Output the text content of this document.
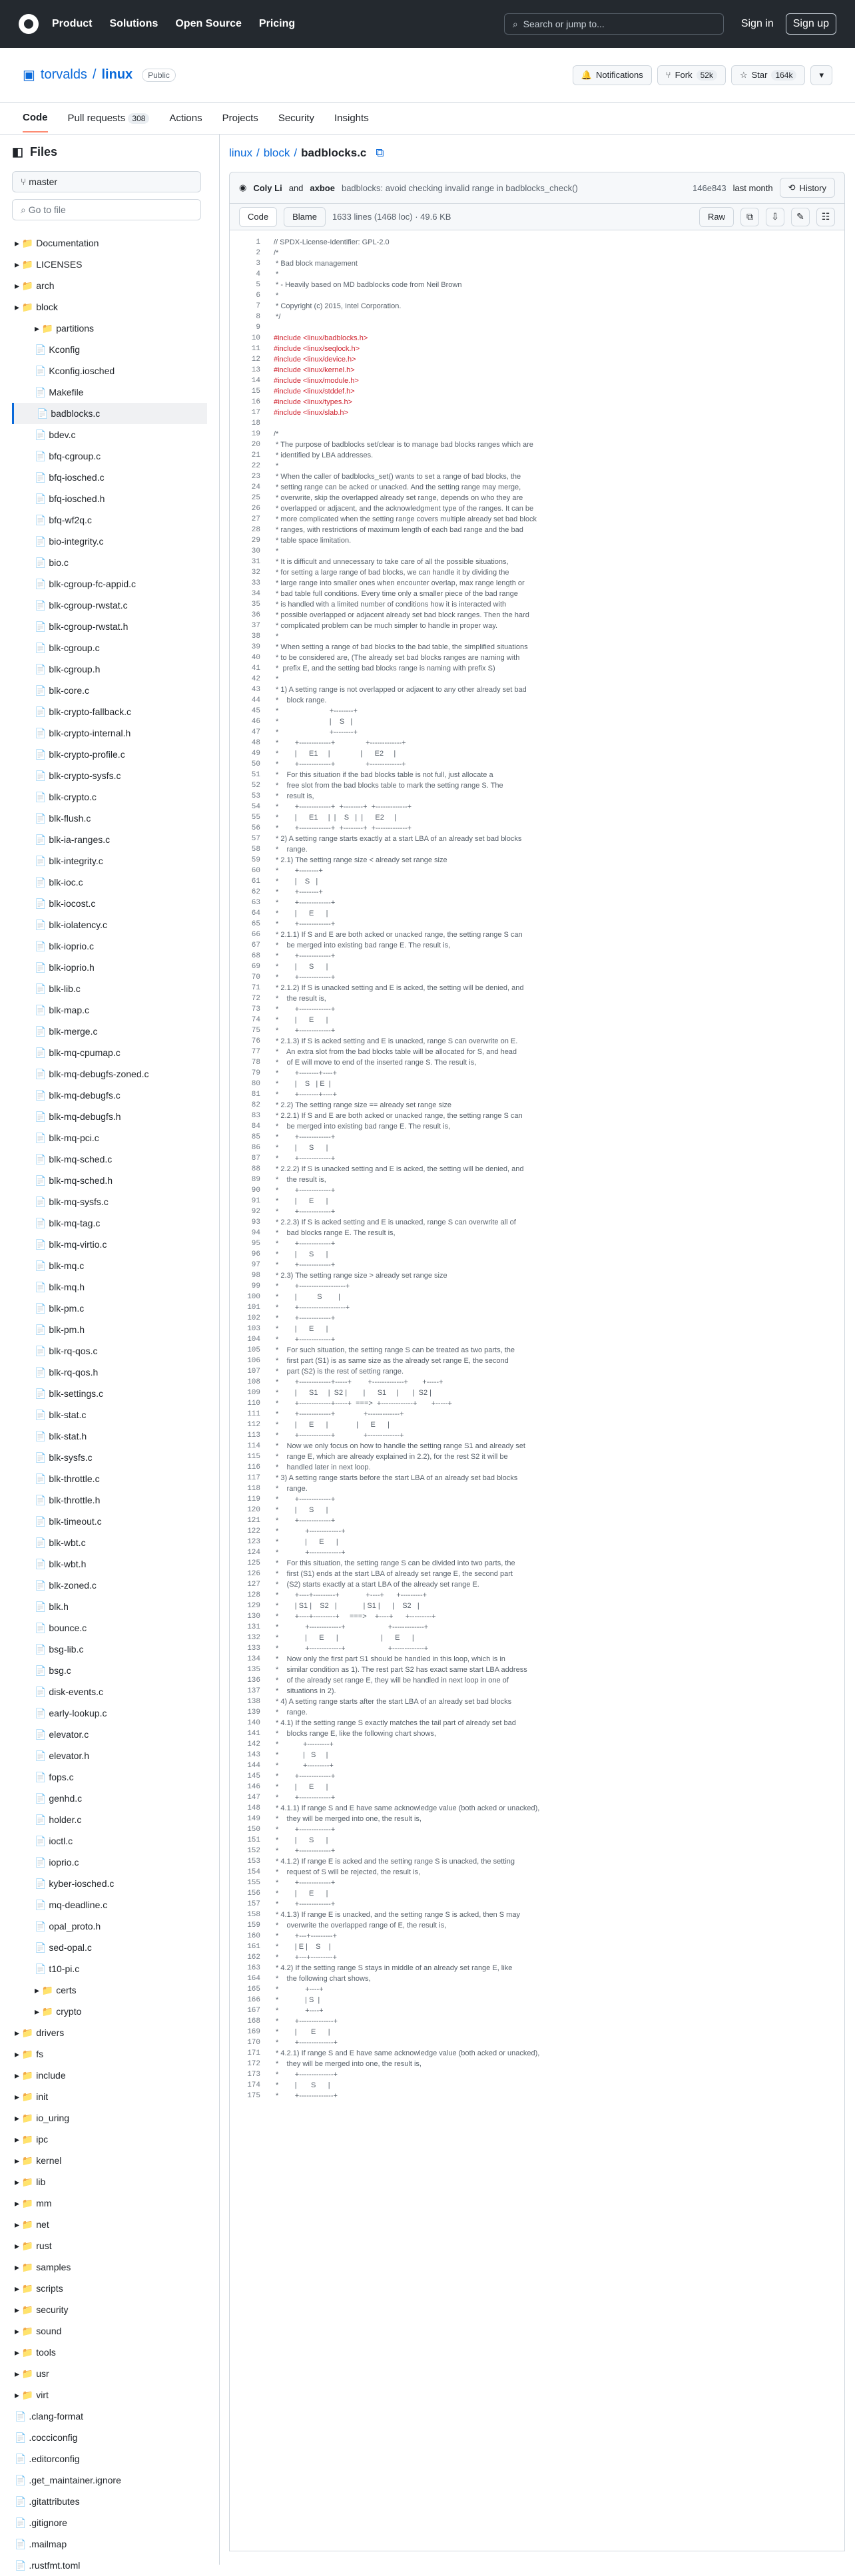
Product Solutions Open Source Pricing	⌕ Search or jump to...	Sign in	Sign up
▣ torvalds / linux	Public	🔔 Notifications	⑂ Fork	52k	☆ Star	164k	▾
Code Pull requests 308	Actions Projects Security Insights
◧
Files
⑂
master
⌕
Go to file
▸ 📁 Documentation
▸ 📁 LICENSES
▸ 📁 arch
▸ 📁 block
▸ 📁 partitions
📄 Kconfig
📄 Kconfig.iosched
📄 Makefile
📄 badblocks.c
📄 bdev.c
📄 bfq-cgroup.c
📄 bfq-iosched.c
📄 bfq-iosched.h
📄 bfq-wf2q.c
📄 bio-integrity.c
📄 bio.c
📄 blk-cgroup-fc-appid.c
📄 blk-cgroup-rwstat.c
📄 blk-cgroup-rwstat.h
📄 blk-cgroup.c
📄 blk-cgroup.h
📄 blk-core.c
📄 blk-crypto-fallback.c
📄 blk-crypto-internal.h
📄 blk-crypto-profile.c
📄 blk-crypto-sysfs.c
📄 blk-crypto.c
📄 blk-flush.c
📄 blk-ia-ranges.c
📄 blk-integrity.c
📄 blk-ioc.c
📄 blk-iocost.c
📄 blk-iolatency.c
📄 blk-ioprio.c
📄 blk-ioprio.h
📄 blk-lib.c
📄 blk-map.c
📄 blk-merge.c
📄 blk-mq-cpumap.c
📄 blk-mq-debugfs-zoned.c
📄 blk-mq-debugfs.c
📄 blk-mq-debugfs.h
📄 blk-mq-pci.c
📄 blk-mq-sched.c
📄 blk-mq-sched.h
📄 blk-mq-sysfs.c
📄 blk-mq-tag.c
📄 blk-mq-virtio.c
📄 blk-mq.c
📄 blk-mq.h
📄 blk-pm.c
📄 blk-pm.h
📄 blk-rq-qos.c
📄 blk-rq-qos.h
📄 blk-settings.c
📄 blk-stat.c
📄 blk-stat.h
📄 blk-sysfs.c
📄 blk-throttle.c
📄 blk-throttle.h
📄 blk-timeout.c
📄 blk-wbt.c
📄 blk-wbt.h
📄 blk-zoned.c
📄 blk.h
📄 bounce.c
📄 bsg-lib.c
📄 bsg.c
📄 disk-events.c
📄 early-lookup.c
📄 elevator.c
📄 elevator.h
📄 fops.c
📄 genhd.c
📄 holder.c
📄 ioctl.c
📄 ioprio.c
📄 kyber-iosched.c
📄 mq-deadline.c
📄 opal_proto.h
📄 sed-opal.c
📄 t10-pi.c
▸ 📁 certs
▸ 📁 crypto
▸ 📁 drivers
▸ 📁 fs
▸ 📁 include
▸ 📁 init
▸ 📁 io_uring
▸ 📁 ipc
▸ 📁 kernel
▸ 📁 lib
▸ 📁 mm
▸ 📁 net
▸ 📁 rust
▸ 📁 samples
▸ 📁 scripts
▸ 📁 security
▸ 📁 sound
▸ 📁 tools
▸ 📁 usr
▸ 📁 virt
📄 .clang-format
📄 .cocciconfig
📄 .editorconfig
📄 .get_maintainer.ignore
📄 .gitattributes
📄 .gitignore
📄 .mailmap
📄 .rustfmt.toml
linux / block / badblocks.c ⧉
◉ Coly Li and axboe badblocks: avoid checking invalid range in badblocks_check()	146e843 last month ⟲ History
Code	Blame	1633 lines (1468 loc) · 49.6 KB	Raw	⧉	⇩	✎	☷
1	// SPDX-License-Identifier: GPL-2.0
2	/*
3	* Bad block management
4	*
5	* - Heavily based on MD badblocks code from Neil Brown
6	*
7	* Copyright (c) 2015, Intel Corporation.
8	*/
9
10	#include <linux/badblocks.h>
11	#include <linux/seqlock.h>
12	#include <linux/device.h>
13	#include <linux/kernel.h>
14	#include <linux/module.h>
15	#include <linux/stddef.h>
16	#include <linux/types.h>
17	#include <linux/slab.h>
18
19	/*
20	* The purpose of badblocks set/clear is to manage bad blocks ranges which are
21	* identified by LBA addresses.
22	*
23	* When the caller of badblocks_set() wants to set a range of bad blocks, the
24	* setting range can be acked or unacked. And the setting range may merge,
25	* overwrite, skip the overlapped already set range, depends on who they are
26	* overlapped or adjacent, and the acknowledgment type of the ranges. It can be
27	* more complicated when the setting range covers multiple already set bad block
28	* ranges, with restrictions of maximum length of each bad range and the bad
29	* table space limitation.
30	*
31	* It is difficult and unnecessary to take care of all the possible situations,
32	* for setting a large range of bad blocks, we can handle it by dividing the
33	* large range into smaller ones when encounter overlap, max range length or
34	* bad table full conditions. Every time only a smaller piece of the bad range
35	* is handled with a limited number of conditions how it is interacted with
36	* possible overlapped or adjacent already set bad block ranges. Then the hard
37	* complicated problem can be much simpler to handle in proper way.
38	*
39	* When setting a range of bad blocks to the bad table, the simplified situations
40	* to be considered are, (The already set bad blocks ranges are naming with
41	*  prefix E, and the setting bad blocks range is naming with prefix S)
42	*
43	* 1) A setting range is not overlapped or adjacent to any other already set bad
44	*    block range.
45	*                         +--------+
46	*                         |    S   |
47	*                         +--------+
48	*        +-------------+               +-------------+
49	*        |      E1     |               |      E2     |
50	*        +-------------+               +-------------+
51	*    For this situation if the bad blocks table is not full, just allocate a
52	*    free slot from the bad blocks table to mark the setting range S. The
53	*    result is,
54	*        +-------------+  +--------+  +-------------+
55	*        |      E1     |  |    S   |  |      E2     |
56	*        +-------------+  +--------+  +-------------+
57	* 2) A setting range starts exactly at a start LBA of an already set bad blocks
58	*    range.
59	* 2.1) The setting range size < already set range size
60	*        +--------+
61	*        |    S   |
62	*        +--------+
63	*        +-------------+
64	*        |      E      |
65	*        +-------------+
66	* 2.1.1) If S and E are both acked or unacked range, the setting range S can
67	*    be merged into existing bad range E. The result is,
68	*        +-------------+
69	*        |      S      |
70	*        +-------------+
71	* 2.1.2) If S is unacked setting and E is acked, the setting will be denied, and
72	*    the result is,
73	*        +-------------+
74	*        |      E      |
75	*        +-------------+
76	* 2.1.3) If S is acked setting and E is unacked, range S can overwrite on E.
77	*    An extra slot from the bad blocks table will be allocated for S, and head
78	*    of E will move to end of the inserted range S. The result is,
79	*        +--------+----+
80	*        |    S   | E  |
81	*        +--------+----+
82	* 2.2) The setting range size == already set range size
83	* 2.2.1) If S and E are both acked or unacked range, the setting range S can
84	*    be merged into existing bad range E. The result is,
85	*        +-------------+
86	*        |      S      |
87	*        +-------------+
88	* 2.2.2) If S is unacked setting and E is acked, the setting will be denied, and
89	*    the result is,
90	*        +-------------+
91	*        |      E      |
92	*        +-------------+
93	* 2.2.3) If S is acked setting and E is unacked, range S can overwrite all of
94	*    bad blocks range E. The result is,
95	*        +-------------+
96	*        |      S      |
97	*        +-------------+
98	* 2.3) The setting range size > already set range size
99	*        +-------------------+
100	*        |          S        |
101	*        +-------------------+
102	*        +-------------+
103	*        |      E      |
104	*        +-------------+
105	*    For such situation, the setting range S can be treated as two parts, the
106	*    first part (S1) is as same size as the already set range E, the second
107	*    part (S2) is the rest of setting range.
108	*        +-------------+-----+        +-------------+       +-----+
109	*        |      S1     |  S2 |        |      S1     |       |  S2 |
110	*        +-------------+-----+  ===>  +-------------+       +-----+
111	*        +-------------+              +-------------+
112	*        |      E      |              |      E      |
113	*        +-------------+              +-------------+
114	*    Now we only focus on how to handle the setting range S1 and already set
115	*    range E, which are already explained in 2.2), for the rest S2 it will be
116	*    handled later in next loop.
117	* 3) A setting range starts before the start LBA of an already set bad blocks
118	*    range.
119	*        +-------------+
120	*        |      S      |
121	*        +-------------+
122	*             +-------------+
123	*             |      E      |
124	*             +-------------+
125	*    For this situation, the setting range S can be divided into two parts, the
126	*    first (S1) ends at the start LBA of already set range E, the second part
127	*    (S2) starts exactly at a start LBA of the already set range E.
128	*        +----+---------+             +----+      +---------+
129	*        | S1 |    S2   |             | S1 |      |    S2   |
130	*        +----+---------+     ===>    +----+      +---------+
131	*             +-------------+                     +-------------+
132	*             |      E      |                     |      E      |
133	*             +-------------+                     +-------------+
134	*    Now only the first part S1 should be handled in this loop, which is in
135	*    similar condition as 1). The rest part S2 has exact same start LBA address
136	*    of the already set range E, they will be handled in next loop in one of
137	*    situations in 2).
138	* 4) A setting range starts after the start LBA of an already set bad blocks
139	*    range.
140	* 4.1) If the setting range S exactly matches the tail part of already set bad
141	*    blocks range E, like the following chart shows,
142	*            +---------+
143	*            |   S     |
144	*            +---------+
145	*        +-------------+
146	*        |      E      |
147	*        +-------------+
148	* 4.1.1) If range S and E have same acknowledge value (both acked or unacked),
149	*    they will be merged into one, the result is,
150	*        +-------------+
151	*        |      S      |
152	*        +-------------+
153	* 4.1.2) If range E is acked and the setting range S is unacked, the setting
154	*    request of S will be rejected, the result is,
155	*        +-------------+
156	*        |      E      |
157	*        +-------------+
158	* 4.1.3) If range E is unacked, and the setting range S is acked, then S may
159	*    overwrite the overlapped range of E, the result is,
160	*        +---+---------+
161	*        | E |    S    |
162	*        +---+---------+
163	* 4.2) If the setting range S stays in middle of an already set range E, like
164	*    the following chart shows,
165	*             +----+
166	*             | S  |
167	*             +----+
168	*        +--------------+
169	*        |       E      |
170	*        +--------------+
171	* 4.2.1) If range S and E have same acknowledge value (both acked or unacked),
172	*    they will be merged into one, the result is,
173	*        +--------------+
174	*        |       S      |
175	*        +--------------+
